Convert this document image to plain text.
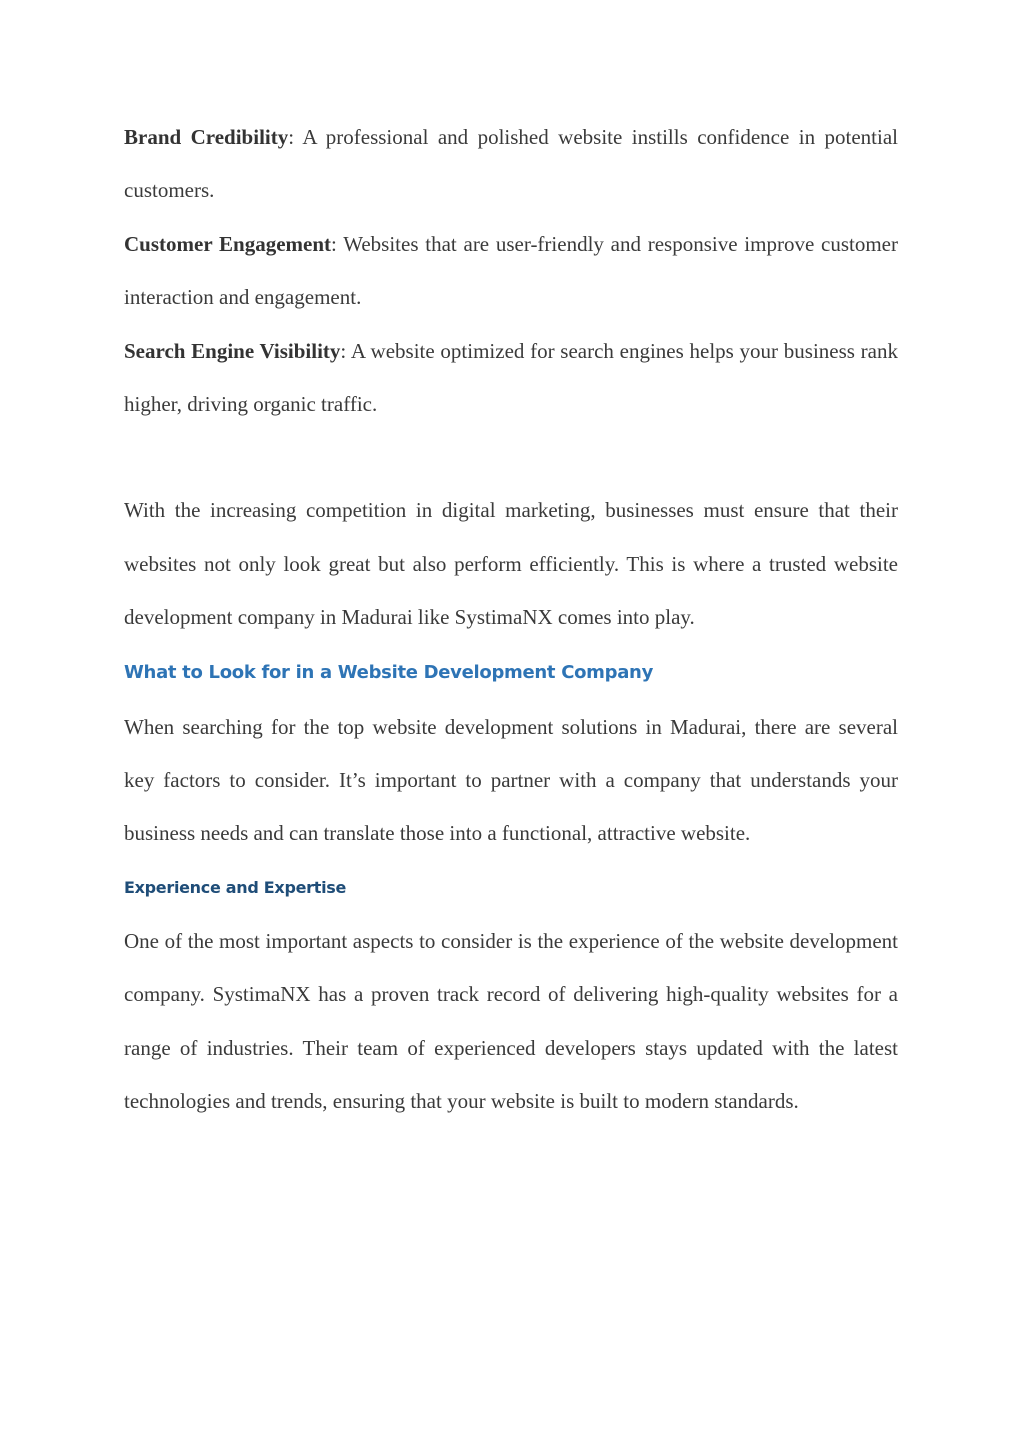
Brand Credibility: A professional and polished website instills confidence in potential customers.

Customer Engagement: Websites that are user-friendly and responsive improve customer interaction and engagement.

Search Engine Visibility: A website optimized for search engines helps your business rank higher, driving organic traffic.

With the increasing competition in digital marketing, businesses must ensure that their websites not only look great but also perform efficiently. This is where a trusted website development company in Madurai like SystimaNX comes into play.

What to Look for in a Website Development Company

When searching for the top website development solutions in Madurai, there are several key factors to consider. It’s important to partner with a company that understands your business needs and can translate those into a functional, attractive website.

Experience and Expertise

One of the most important aspects to consider is the experience of the website development company. SystimaNX has a proven track record of delivering high-quality websites for a range of industries. Their team of experienced developers stays updated with the latest technologies and trends, ensuring that your website is built to modern standards.
